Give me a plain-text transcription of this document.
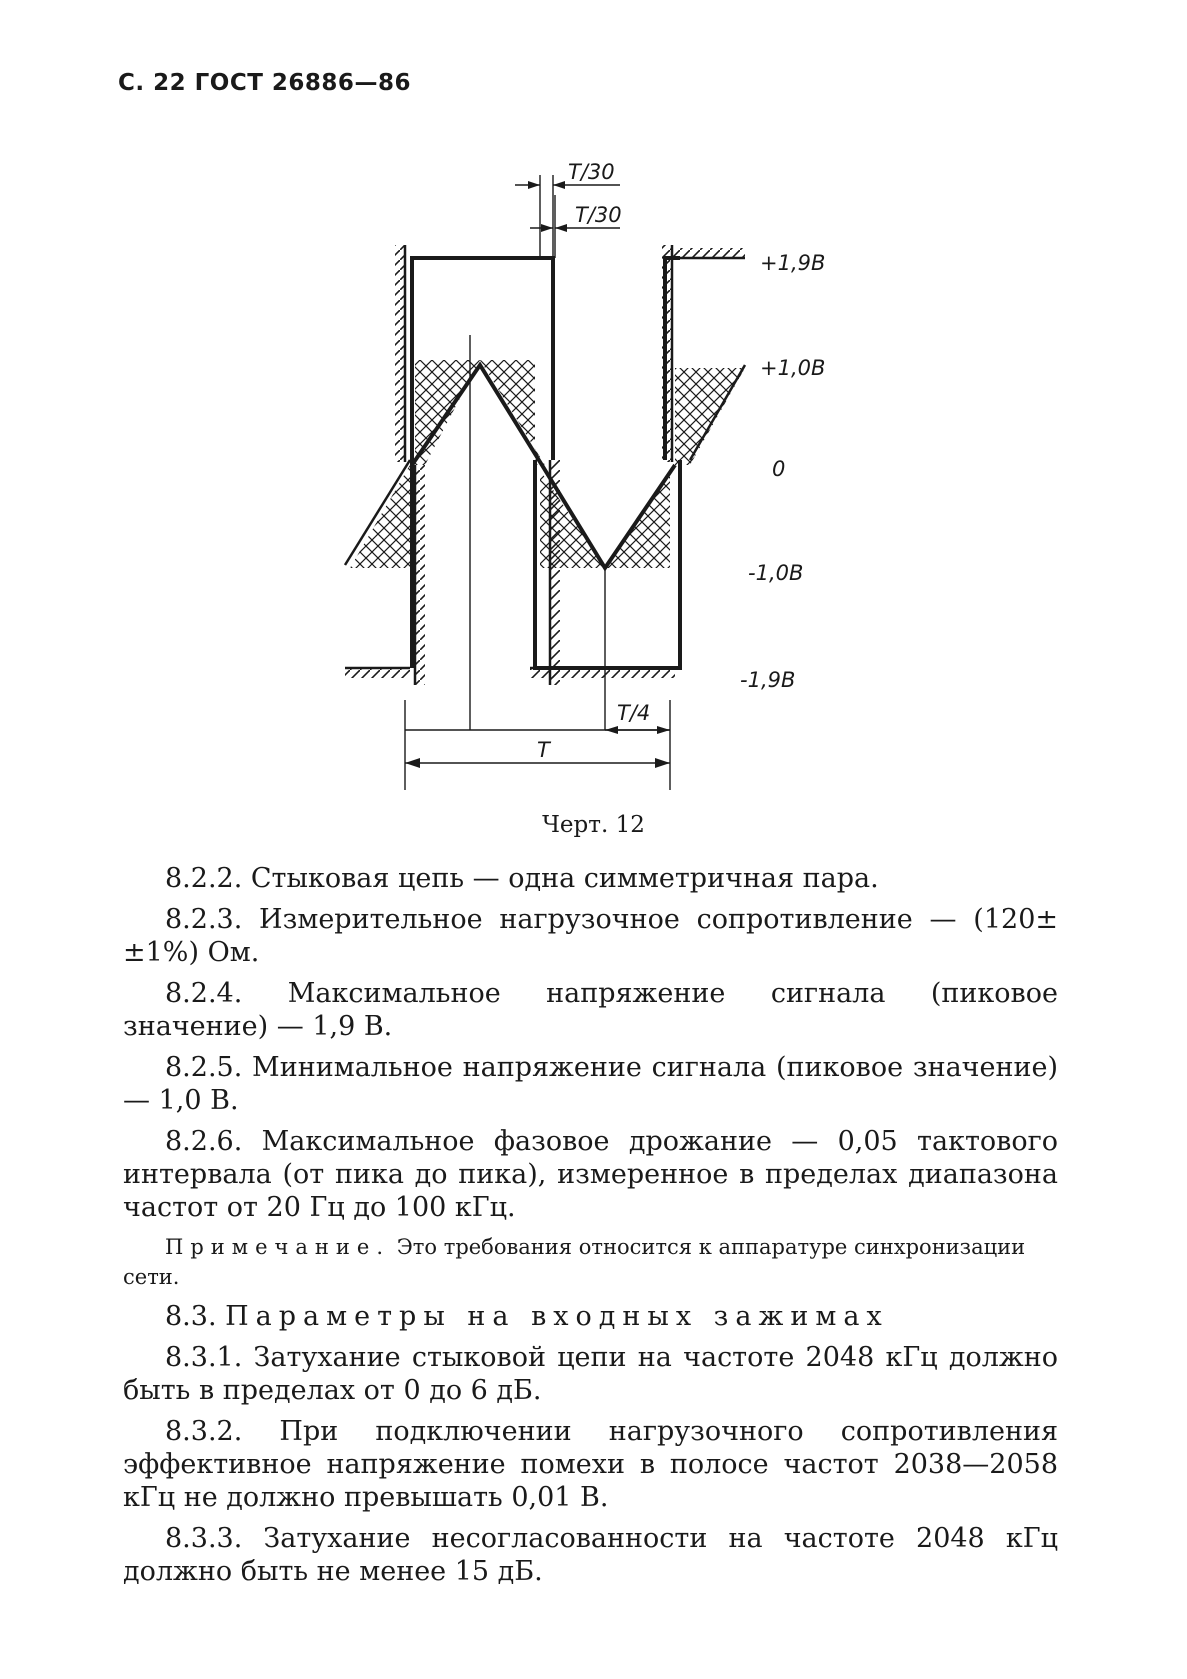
С. 22 ГОСТ 26886—86
T/30
T/30
+1,9В
+1,0В
0
-1,0В
-1,9В
T/4
T
Черт. 12

8.2.2. Стыковая цепь — одна симметричная пара.

8.2.3. Измерительное нагрузочное сопротивление — (120±±1%) Ом.

8.2.4. Максимальное напряжение сигнала (пиковое значение) — 1,9 В.

8.2.5. Минимальное напряжение сигнала (пиковое значение) — 1,0 В.

8.2.6. Максимальное фазовое дрожание — 0,05 тактового интервала (от пика до пика), измеренное в пределах диапазона частот от 20 Гц до 100 кГц.

Примечание. Это требования относится к аппаратуре синхронизации сети.

8.3. Параметры на входных зажимах

8.3.1. Затухание стыковой цепи на частоте 2048 кГц должно быть в пределах от 0 до 6 дБ.

8.3.2. При подключении нагрузочного сопротивления эффективное напряжение помехи в полосе частот 2038—2058 кГц не должно превышать 0,01 В.

8.3.3. Затухание несогласованности на частоте 2048 кГц должно быть не менее 15 дБ.
